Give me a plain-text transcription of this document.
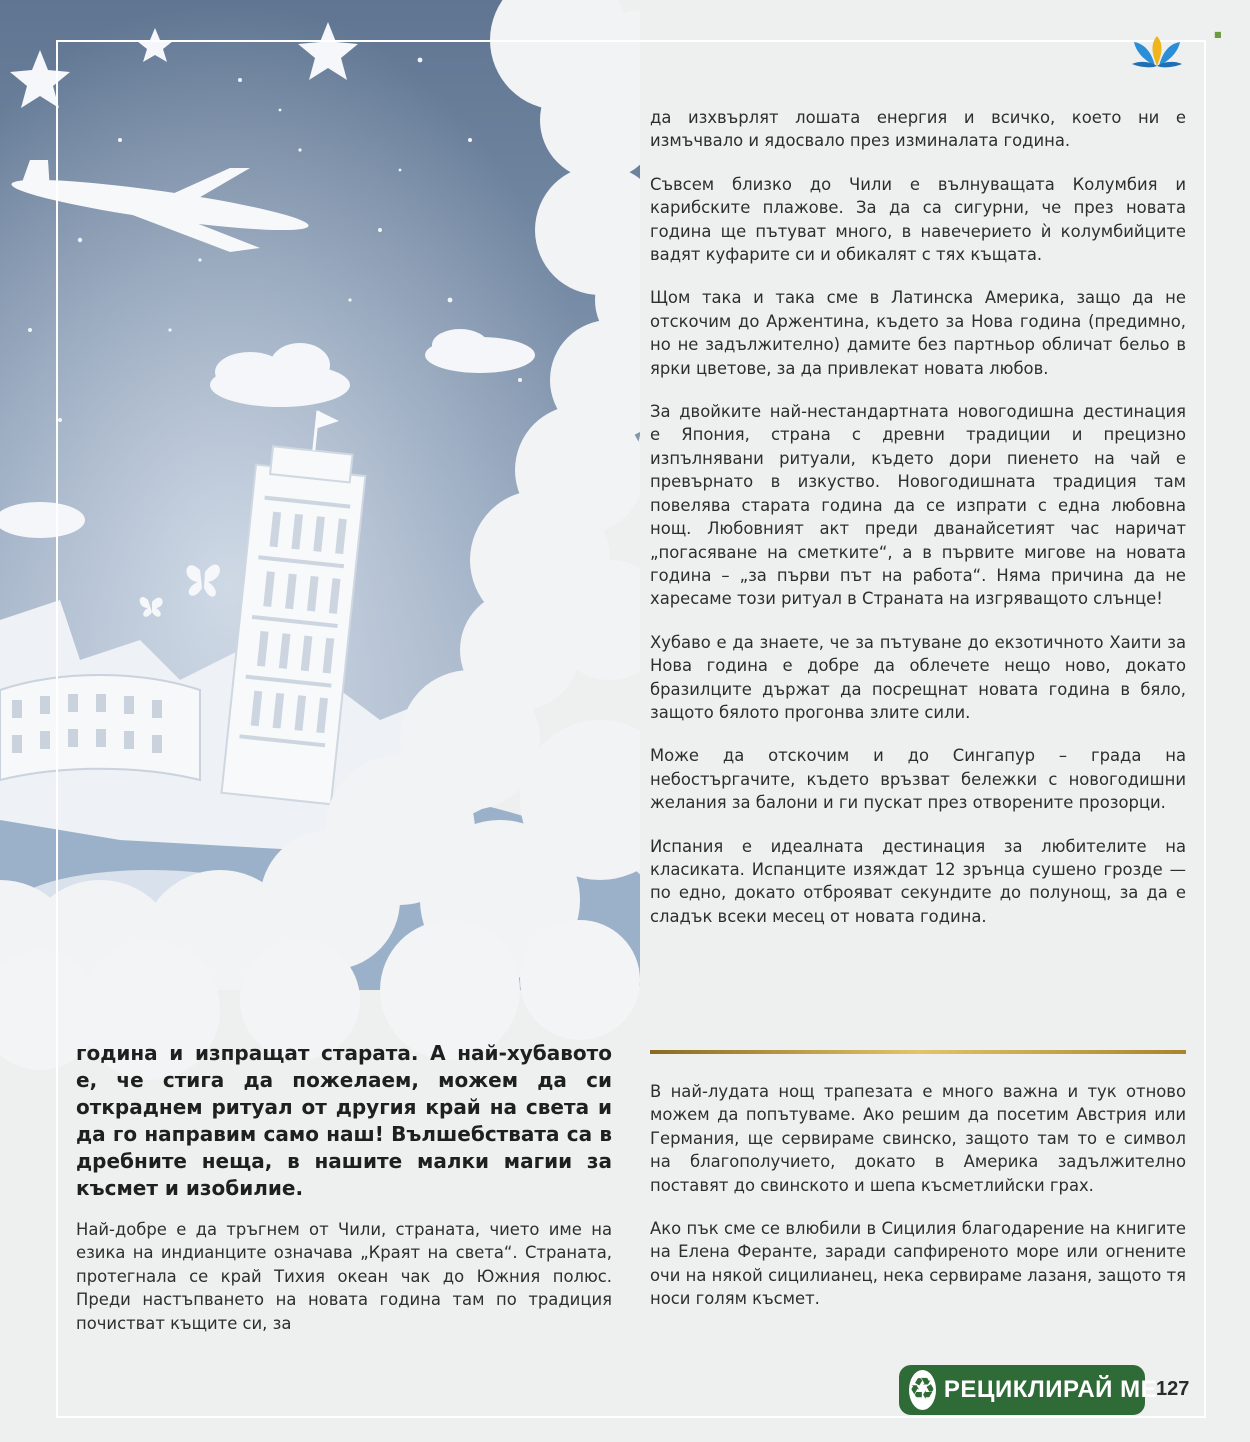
■

да изхвърлят лошата енергия и всичко, което ни е измъчвало и ядосвало през изминалата година.

Съвсем близко до Чили е вълнуващата Колумбия и карибските плажове. За да са сигурни, че през новата година ще пътуват много, в навечерието ѝ колумбийците вадят куфарите си и обикалят с тях къщата.

Щом така и така сме в Латинска Америка, защо да не отскочим до Аржентина, където за Нова година (предимно, но не задължително) дамите без партньор обличат бельо в ярки цветове, за да привлекат новата любов.

За двойките най-нестандартната новогодишна дестинация е Япония, страна с древни традиции и прецизно изпълнявани ритуали, където дори пиенето на чай е превърнато в изкуство. Новогодишната традиция там повелява старата година да се изпрати с една любовна нощ. Любовният акт преди дванайсетият час наричат „погасяване на сметките“, а в първите мигове на новата година – „за първи път на работа“. Няма причина да не харесаме този ритуал в Страната на изгряващото слънце!

Хубаво е да знаете, че за пътуване до екзотичното Хаити за Нова година е добре да облечете нещо ново, докато бразилците държат да посрещнат новата година в бяло, защото бялото прогонва злите сили.

Може да отскочим и до Сингапур – града на небостъргачите, където връзват бележки с новогодишни желания за балони и ги пускат през отворените прозорци.

Испания е идеалната дестинация за любителите на класиката. Испанците изяждат 12 зрънца сушено грозде — по едно, докато отброяват секундите до полунощ, за да е сладък всеки месец от новата година.

В най-лудата нощ трапезата е много важна и тук отново можем да попътуваме. Ако решим да посетим Австрия или Германия, ще сервираме свинско, защото там то е символ на благополучието, докато в Америка задължително поставят до свинското и шепа късметлийски грах.

Ако пък сме се влюбили в Сицилия благодарение на книгите на Елена Феранте, заради сапфиреното море или огнените очи на някой сицилианец, нека сервираме лазаня, защото тя носи голям късмет.

година и изпращат старата. А най-хубавото е, че стига да пожелаем, можем да си откраднем ритуал от другия край на света и да го направим само наш! Вълшебствата са в дребните неща, в нашите малки магии за късмет и изобилие.

Най-добре е да тръгнем от Чили, страната, чието име на езика на индианците означава „Краят на света“. Страната, протегнала се край Тихия океан чак до Южния полюс. Преди настъпването на новата година там по традиция почистват къщите си, за

♻ РЕЦИКЛИРАЙ МЕ
127
